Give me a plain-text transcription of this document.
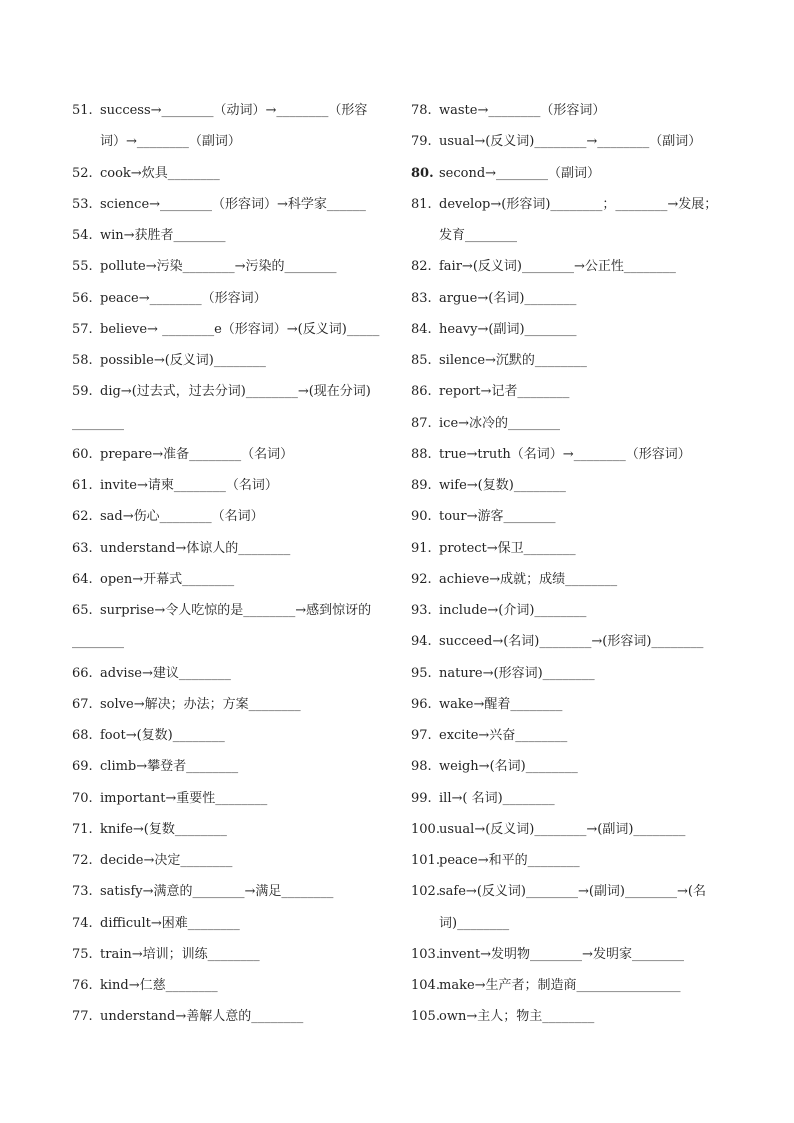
51. success→________（动词）→________（形容
词）→________（副词）
52. cook→炊具________
53. science→________（形容词）→科学家______
54. win→获胜者________
55. pollute→污染________→污染的________
56. peace→________（形容词）
57. believe→ ________e（形容词）→(反义词)_____
58. possible→(反义词)________
59. dig→(过去式，过去分词)________→(现在分词)
________
60. prepare→准备________（名词）
61. invite→请柬________（名词）
62. sad→伤心________（名词）
63. understand→体谅人的________
64. open→开幕式________
65. surprise→令人吃惊的是________→感到惊讶的
________
66. advise→建议________
67. solve→解决；办法；方案________
68. foot→(复数)________
69. climb→攀登者________
70. important→重要性________
71. knife→(复数________
72. decide→决定________
73. satisfy→满意的________→满足________
74. difficult→困难________
75. train→培训；训练________
76. kind→仁慈________
77. understand→善解人意的________
78. waste→________（形容词）
79. usual→(反义词)________→________（副词）
80. second→________（副词）
81. develop→(形容词)________；________→发展；
发育________
82. fair→(反义词)________→公正性________
83. argue→(名词)________
84. heavy→(副词)________
85. silence→沉默的________
86. report→记者________
87. ice→冰冷的________
88. true→truth（名词）→________（形容词）
89. wife→(复数)________
90. tour→游客________
91. protect→保卫________
92. achieve→成就；成绩________
93. include→(介词)________
94. succeed→(名词)________→(形容词)________
95. nature→(形容词)________
96. wake→醒着________
97. excite→兴奋________
98. weigh→(名词)________
99. ill→( 名词)________
100. usual→(反义词)________→(副词)________
101. peace→和平的________
102. safe→(反义词)________→(副词)________→(名
词)________
103. invent→发明物________→发明家________
104. make→生产者；制造商________________
105. own→主人；物主________
